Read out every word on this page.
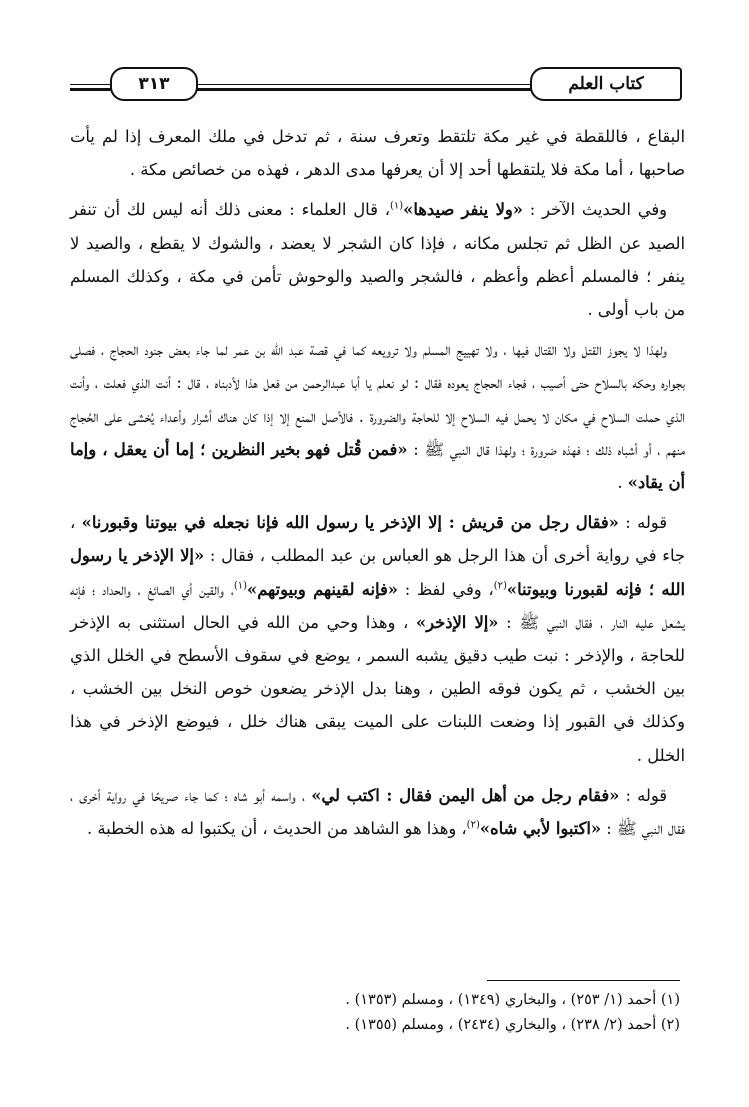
كتاب العلم
٣١٣

البقاع ، فاللقطة في غير مكة تلتقط وتعرف سنة ، ثم تدخل في ملك المعرف إذا لم يأت صاحبها ، أما مكة فلا يلتقطها أحد إلا أن يعرفها مدى الدهر ، فهذه من خصائص مكة .

وفي الحديث الآخر : «ولا ينفر صيدها»$^{(١)}$، قال العلماء : معنى ذلك أنه ليس لك أن تنفر الصيد عن الظل ثم تجلس مكانه ، فإذا كان الشجر لا يعضد ، والشوك لا يقطع ، والصيد لا ينفر ؛ فالمسلم أعظم وأعظم ، فالشجر والصيد والوحوش تأمن في مكة ، وكذلك المسلم من باب أولى .

ولهذا لا يجوز القتل ولا القتال فيها ، ولا تهييج المسلم ولا ترويعه كما في قصة عبد الله بن عمر لما جاء بعض جنود الحجاج ، فصلى بجواره وحكه بالسلاح حتى أصيب ، فجاء الحجاج يعوده فقال : لو نعلم يا أبا عبدالرحمن من فعل هذا لأدبناه ، قال : أنت الذي فعلت ، وأنت الذي حملت السلاح في مكان لا يحمل فيه السلاح إلا للحاجة والضرورة . فالأصل المنع إلا إذا كان هناك أشرار وأعداء يُخشى على الحُجاج منهم ، أو أشباه ذلك ؛ فهذه ضرورة ؛ ولهذا قال النبي ﷺ : «فمن قُتل فهو بخير النظرين ؛ إما أن يعقل ، وإما أن يقاد» .

قوله : «فقال رجل من قريش : إلا الإذخر يا رسول الله فإنا نجعله في بيوتنا وقبورنا» ، جاء في رواية أخرى أن هذا الرجل هو العباس بن عبد المطلب ، فقال : «إلا الإذخر يا رسول الله ؛ فإنه لقبورنا وبيوتنا»$^{(٢)}$، وفي لفظ : «فإنه لقينهم وبيوتهم»$^{(١)}$، والقين أي الصائغ ، والحداد ؛ فإنه يشعل عليه النار ، فقال النبي ﷺ : «إلا الإذخر» ، وهذا وحي من الله في الحال استثنى به الإذخر للحاجة ، والإذخر : نبت طيب دقيق يشبه السمر ، يوضع في سقوف الأسطح في الخلل الذي بين الخشب ، ثم يكون فوقه الطين ، وهنا بدل الإذخر يضعون خوص النخل بين الخشب ، وكذلك في القبور إذا وضعت اللبنات على الميت يبقى هناك خلل ، فيوضع الإذخر في هذا الخلل .

قوله : «فقام رجل من أهل اليمن فقال : اكتب لي» ، واسمه أبو شاه ؛ كما جاء صريحًا في رواية أخرى ، فقال النبي ﷺ : «اكتبوا لأبي شاه»$^{(٢)}$، وهذا هو الشاهد من الحديث ، أن يكتبوا له هذه الخطبة .

(١) أحمد (١/ ٢٥٣) ، والبخاري (١٣٤٩) ، ومسلم (١٣٥٣) .
(٢) أحمد (٢/ ٢٣٨) ، والبخاري (٢٤٣٤) ، ومسلم (١٣٥٥) .
